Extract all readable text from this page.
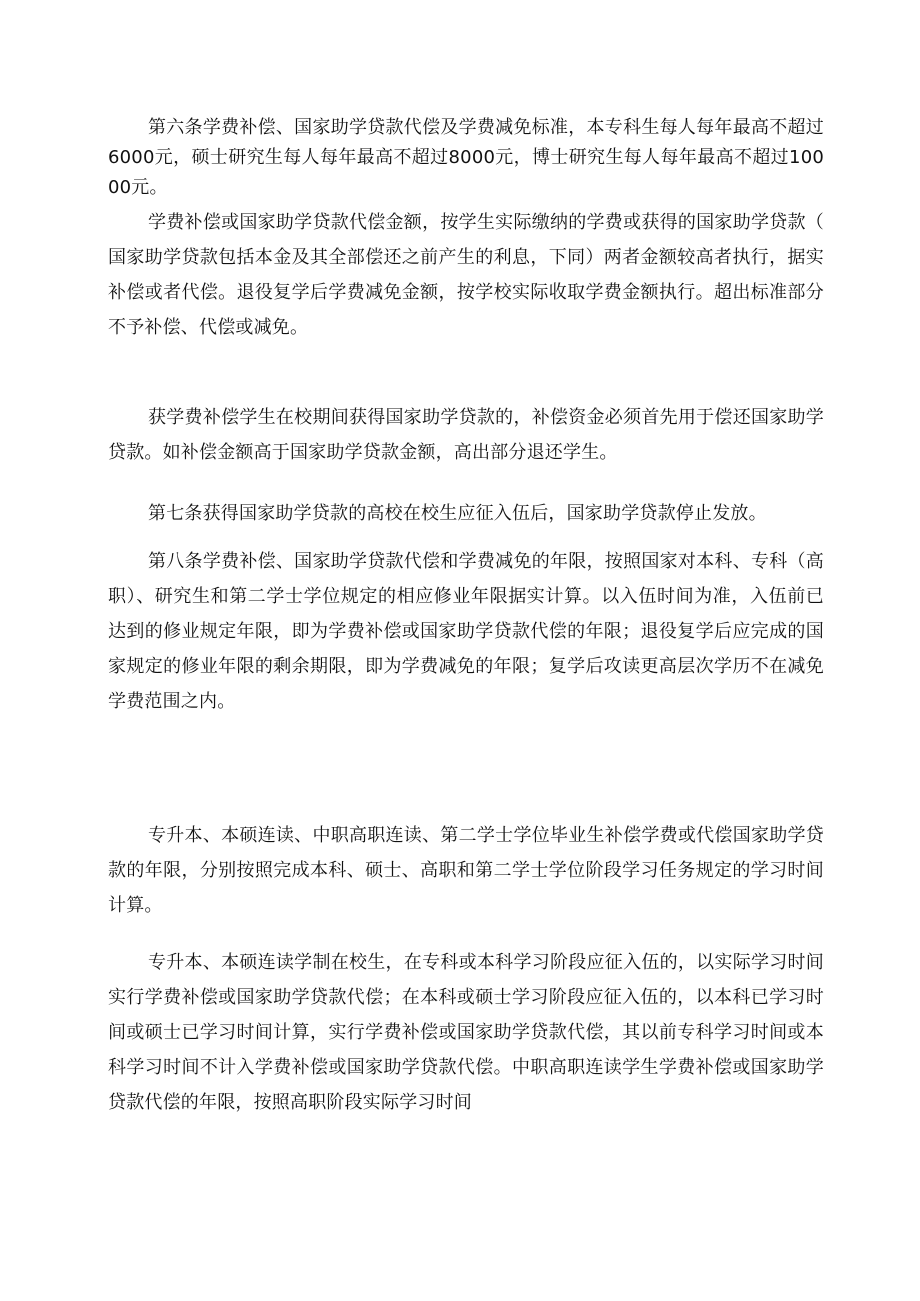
第六条学费补偿、国家助学贷款代偿及学费减免标准，本专科生每人每年最高不超过6000元，硕士研究生每人每年最高不超过8000元，博士研究生每人每年最高不超过10000元。

学费补偿或国家助学贷款代偿金额，按学生实际缴纳的学费或获得的国家助学贷款（国家助学贷款包括本金及其全部偿还之前产生的利息，下同）两者金额较高者执行，据实补偿或者代偿。退役复学后学费减免金额，按学校实际收取学费金额执行。超出标准部分不予补偿、代偿或减免。

获学费补偿学生在校期间获得国家助学贷款的，补偿资金必须首先用于偿还国家助学贷款。如补偿金额高于国家助学贷款金额，高出部分退还学生。

第七条获得国家助学贷款的高校在校生应征入伍后，国家助学贷款停止发放。

第八条学费补偿、国家助学贷款代偿和学费减免的年限，按照国家对本科、专科（高职）、研究生和第二学士学位规定的相应修业年限据实计算。以入伍时间为准，入伍前已达到的修业规定年限，即为学费补偿或国家助学贷款代偿的年限；退役复学后应完成的国家规定的修业年限的剩余期限，即为学费减免的年限；复学后攻读更高层次学历不在减免学费范围之内。

专升本、本硕连读、中职高职连读、第二学士学位毕业生补偿学费或代偿国家助学贷款的年限，分别按照完成本科、硕士、高职和第二学士学位阶段学习任务规定的学习时间计算。

专升本、本硕连读学制在校生，在专科或本科学习阶段应征入伍的，以实际学习时间实行学费补偿或国家助学贷款代偿；在本科或硕士学习阶段应征入伍的，以本科已学习时间或硕士已学习时间计算，实行学费补偿或国家助学贷款代偿，其以前专科学习时间或本科学习时间不计入学费补偿或国家助学贷款代偿。中职高职连读学生学费补偿或国家助学贷款代偿的年限，按照高职阶段实际学习时间
